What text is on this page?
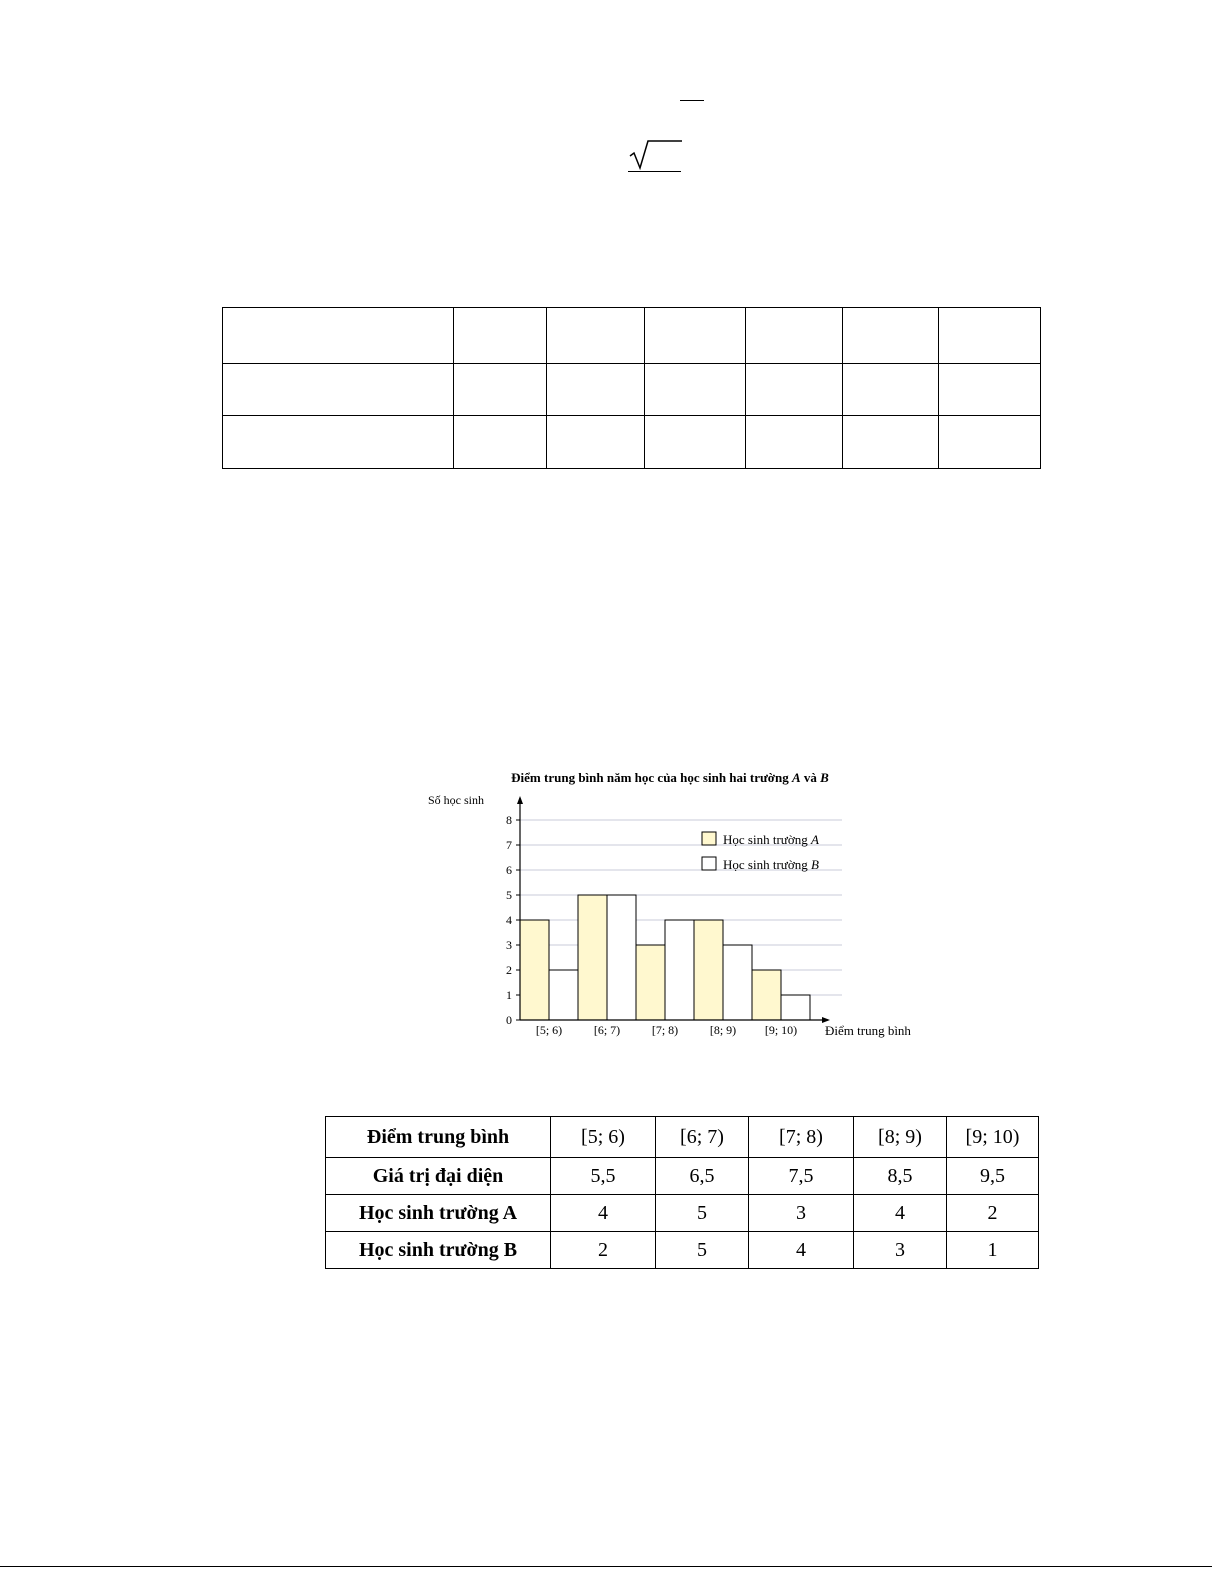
Điểm trung bình năm học của học sinh hai trường A và B
Số học sinh
Điểm trung bình
0
1
2
3
4
5
6
7
8
[5; 6)	[6; 7)	[7; 8)	[8; 9) [9; 10)
Học sinh trường A
Học sinh trường B
Điểm trung bình	[5; 6)	[6; 7)	[7; 8)	[8; 9)	[9; 10)
Giá trị đại diện	5,5	6,5	7,5	8,5	9,5
Học sinh trường A	4	5	3	4	2
Học sinh trường B	2	5	4	3	1
